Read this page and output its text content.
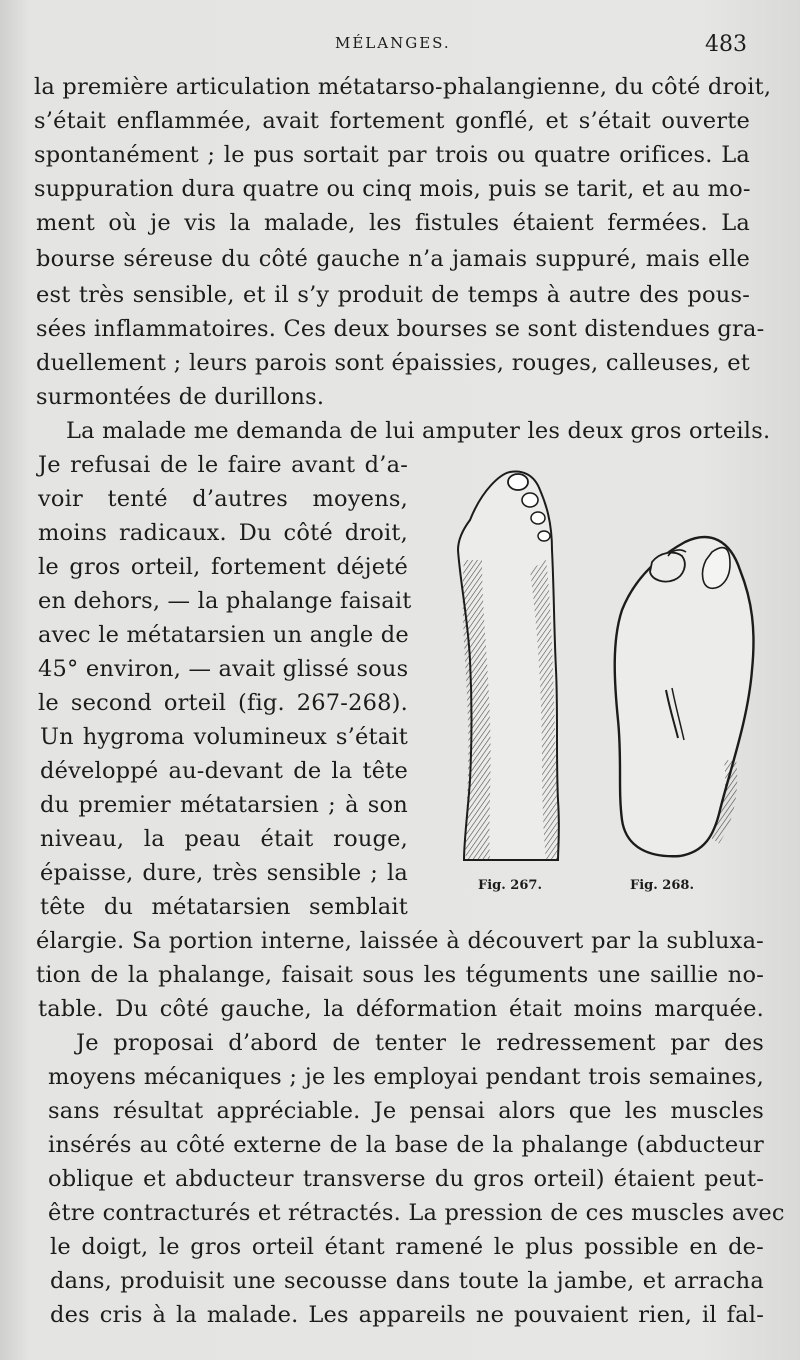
MÉLANGES.	483
la première articulation métatarso-phalangienne, du côté droit,
s’était enflammée, avait fortement gonflé, et s’était ouverte
spontanément ; le pus sortait par trois ou quatre orifices. La
suppuration dura quatre ou cinq mois, puis se tarit, et au mo-
ment où je vis la malade, les fistules étaient fermées. La
bourse séreuse du côté gauche n’a jamais suppuré, mais elle
est très sensible, et il s’y produit de temps à autre des pous-
sées inflammatoires. Ces deux bourses se sont distendues gra-
duellement ; leurs parois sont épaissies, rouges, calleuses, et
surmontées de durillons.
La malade me demanda de lui amputer les deux gros orteils.
Je refusai de le faire avant d’a-
voir tenté d’autres moyens,
moins radicaux. Du côté droit,
le gros orteil, fortement déjeté
en dehors, — la phalange faisait
avec le métatarsien un angle de
45° environ, — avait glissé sous
le second orteil (fig. 267-268).
Un hygroma volumineux s’était
développé au-devant de la tête
du premier métatarsien ; à son
niveau, la peau était rouge,
épaisse, dure, très sensible ; la
tête du métatarsien semblait
Fig. 267.	Fig. 268.
élargie. Sa portion interne, laissée à découvert par la subluxa-
tion de la phalange, faisait sous les téguments une saillie no-
table. Du côté gauche, la déformation était moins marquée.
Je proposai d’abord de tenter le redressement par des
moyens mécaniques ; je les employai pendant trois semaines,
sans résultat appréciable. Je pensai alors que les muscles
insérés au côté externe de la base de la phalange (abducteur
oblique et abducteur transverse du gros orteil) étaient peut-
être contracturés et rétractés. La pression de ces muscles avec
le doigt, le gros orteil étant ramené le plus possible en de-
dans, produisit une secousse dans toute la jambe, et arracha
des cris à la malade. Les appareils ne pouvaient rien, il fal-
